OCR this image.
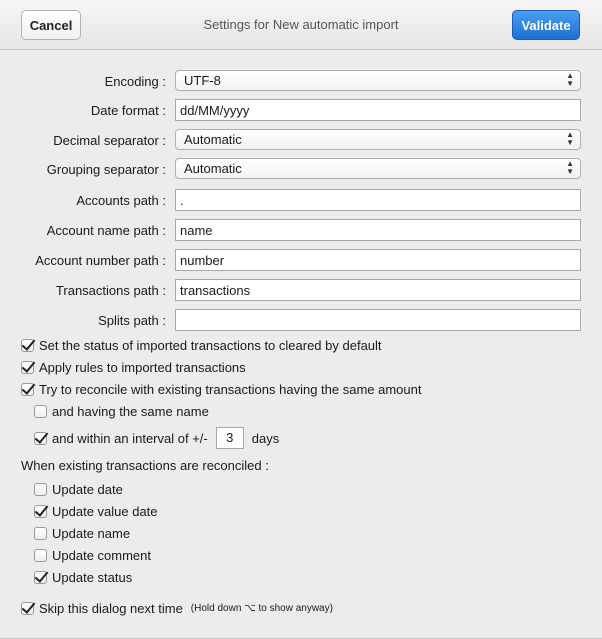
Cancel	Settings for New automatic import	Validate
Encoding :	UTF-8	▲
▼
Date format :	dd/MM/yyyy
Decimal separator :	Automatic	▲
▼
Grouping separator :	Automatic	▲
▼
Accounts path :	.
Account name path :	name
Account number path :	number
Transactions path :	transactions
Splits path :
Set the status of imported transactions to cleared by default
Apply rules to imported transactions
Try to reconcile with existing transactions having the same amount
and having the same name
and within an interval of +/-	3	days
When existing transactions are reconciled :
Update date
Update value date
Update name
Update comment
Update status
Skip this dialog next time (Hold down ⌥ to show anyway)
